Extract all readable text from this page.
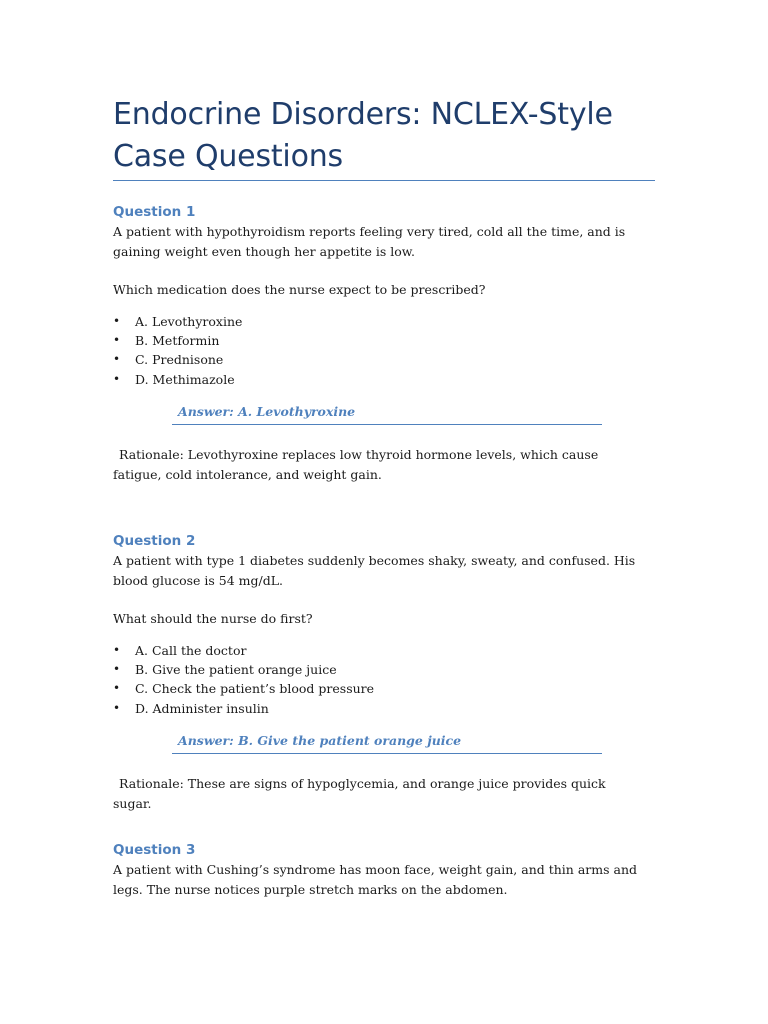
Endocrine Disorders: NCLEX-Style Case Questions

Question 1

A patient with hypothyroidism reports feeling very tired, cold all the time, and is gaining weight even though her appetite is low.

Which medication does the nurse expect to be prescribed?

• A. Levothyroxine
• B. Metformin
• C. Prednisone
• D. Methimazole
Answer: A. Levothyroxine

Rationale: Levothyroxine replaces low thyroid hormone levels, which cause fatigue, cold intolerance, and weight gain.

Question 2

A patient with type 1 diabetes suddenly becomes shaky, sweaty, and confused. His blood glucose is 54 mg/dL.

What should the nurse do first?

• A. Call the doctor
• B. Give the patient orange juice
• C. Check the patient’s blood pressure
• D. Administer insulin
Answer: B. Give the patient orange juice

Rationale: These are signs of hypoglycemia, and orange juice provides quick sugar.

Question 3

A patient with Cushing’s syndrome has moon face, weight gain, and thin arms and legs. The nurse notices purple stretch marks on the abdomen.
